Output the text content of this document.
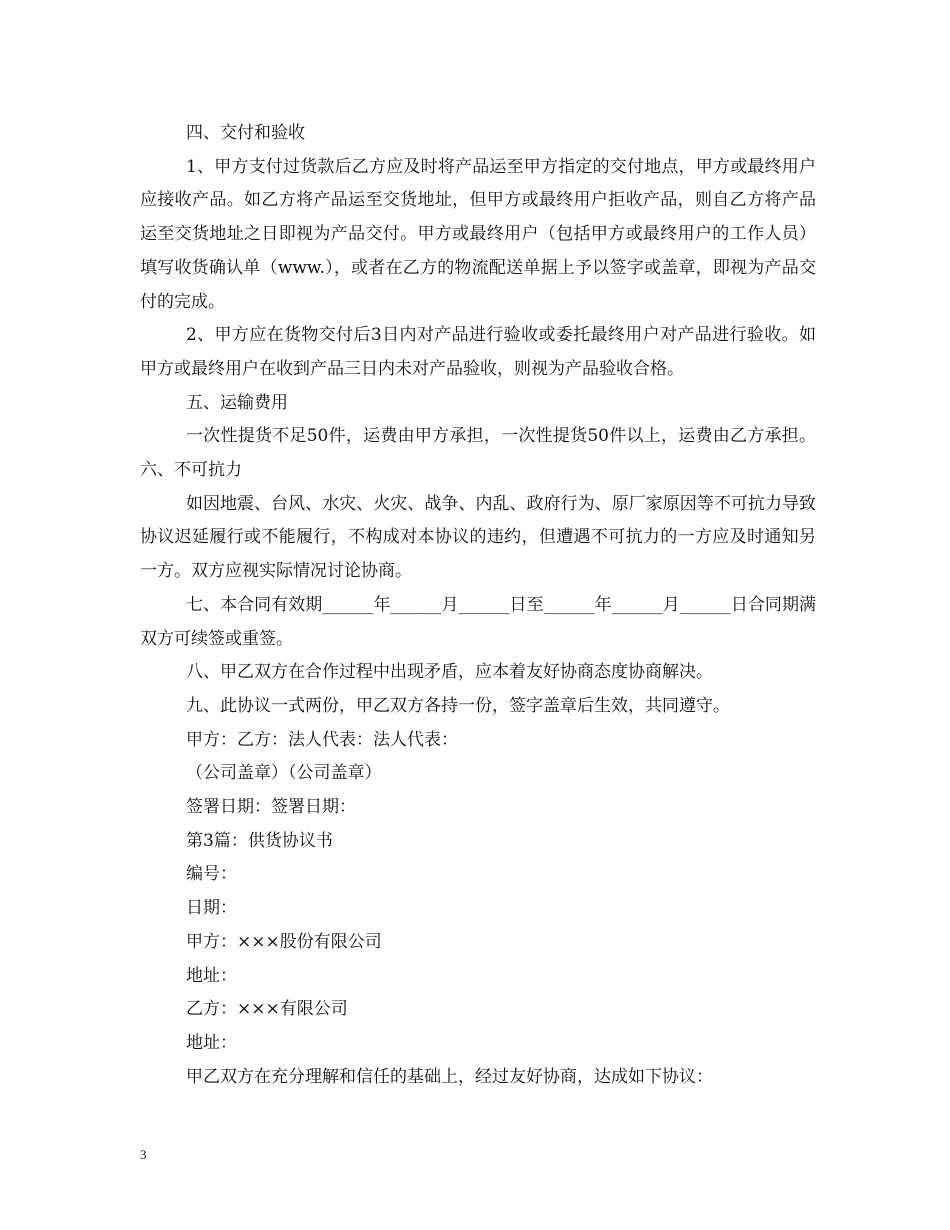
四、交付和验收

1、甲方支付过货款后乙方应及时将产品运至甲方指定的交付地点，甲方或最终用户应接收产品。如乙方将产品运至交货地址，但甲方或最终用户拒收产品，则自乙方将产品运至交货地址之日即视为产品交付。甲方或最终用户（包括甲方或最终用户的工作人员）填写收货确认单（www.），或者在乙方的物流配送单据上予以签字或盖章，即视为产品交付的完成。

2、甲方应在货物交付后3日内对产品进行验收或委托最终用户对产品进行验收。如甲方或最终用户在收到产品三日内未对产品验收，则视为产品验收合格。

五、运输费用

一次性提货不足50件，运费由甲方承担，一次性提货50件以上，运费由乙方承担。六、不可抗力

如因地震、台风、水灾、火灾、战争、内乱、政府行为、原厂家原因等不可抗力导致协议迟延履行或不能履行，不构成对本协议的违约，但遭遇不可抗力的一方应及时通知另一方。双方应视实际情况讨论协商。

七、本合同有效期______年______月______日至______年______月______日合同期满双方可续签或重签。

八、甲乙双方在合作过程中出现矛盾，应本着友好协商态度协商解决。

九、此协议一式两份，甲乙双方各持一份，签字盖章后生效，共同遵守。

甲方：乙方：法人代表：法人代表：

（公司盖章）（公司盖章）

签署日期：签署日期：

第3篇：供货协议书

编号：

日期：

甲方：×××股份有限公司

地址：

乙方：×××有限公司

地址：

甲乙双方在充分理解和信任的基础上，经过友好协商，达成如下协议：

3
